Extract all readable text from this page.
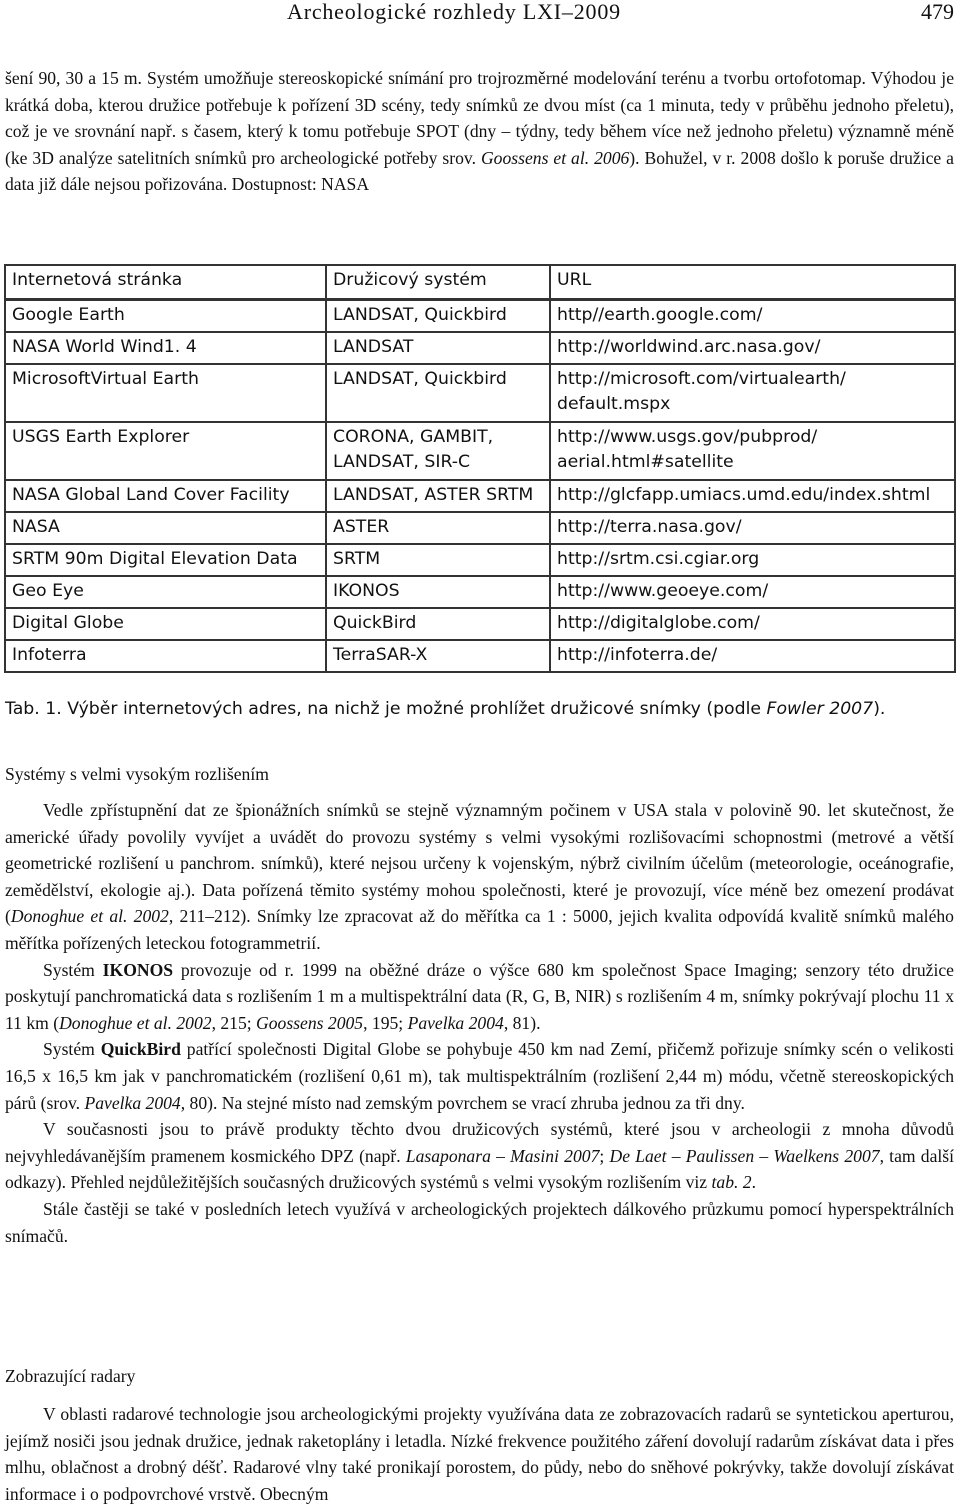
Archeologické rozhledy LXI–2009	479

šení 90, 30 a 15 m. Systém umožňuje stereoskopické snímání pro trojrozměrné modelování terénu a tvorbu ortofotomap. Výhodou je krátká doba, kterou družice potřebuje k pořízení 3D scény, tedy snímků ze dvou míst (ca 1 minuta, tedy v průběhu jednoho přeletu), což je ve srovnání např. s časem, který k tomu potřebuje SPOT (dny – týdny, tedy během více než jednoho přeletu) významně méně (ke 3D analýze satelitních snímků pro archeologické potřeby srov. Goossens et al. 2006). Bohužel, v r. 2008 došlo k poruše družice a data již dále nejsou pořizována. Dostupnost: NASA

Internetová stránka	Družicový systém	URL
Google Earth	LANDSAT, Quickbird	http//earth.google.com/
NASA World Wind1. 4	LANDSAT	http://worldwind.arc.nasa.gov/
MicrosoftVirtual Earth	LANDSAT, Quickbird	http://microsoft.com/virtualearth/ default.mspx
USGS Earth Explorer	CORONA, GAMBIT, LANDSAT, SIR-C	http://www.usgs.gov/pubprod/ aerial.html#satellite
NASA Global Land Cover Facility	LANDSAT, ASTER SRTM	http://glcfapp.umiacs.umd.edu/index.shtml
NASA	ASTER	http://terra.nasa.gov/
SRTM 90m Digital Elevation Data	SRTM	http://srtm.csi.cgiar.org
Geo Eye	IKONOS	http://www.geoeye.com/
Digital Globe	QuickBird	http://digitalglobe.com/
Infoterra	TerraSAR-X	http://infoterra.de/
Tab. 1. Výběr internetových adres, na nichž je možné prohlížet družicové snímky (podle Fowler 2007).
Systémy s velmi vysokým rozlišením

Vedle zpřístupnění dat ze špionážních snímků se stejně významným počinem v USA stala v polovině 90. let skutečnost, že americké úřady povolily vyvíjet a uvádět do provozu systémy s velmi vysokými rozlišovacími schopnostmi (metrové a větší geometrické rozlišení u panchrom. snímků), které nejsou určeny k vojenským, nýbrž civilním účelům (meteorologie, oceánografie, zemědělství, ekologie aj.). Data pořízená těmito systémy mohou společnosti, které je provozují, více méně bez omezení prodávat (Donoghue et al. 2002, 211–212). Snímky lze zpracovat až do měřítka ca 1 : 5000, jejich kvalita odpovídá kvalitě snímků malého měřítka pořízených leteckou fotogrammetrií.

Systém IKONOS provozuje od r. 1999 na oběžné dráze o výšce 680 km společnost Space Imaging; senzory této družice poskytují panchromatická data s rozlišením 1 m a multispektrální data (R, G, B, NIR) s rozlišením 4 m, snímky pokrývají plochu 11 x 11 km (Donoghue et al. 2002, 215; Goossens 2005, 195; Pavelka 2004, 81).

Systém QuickBird patřící společnosti Digital Globe se pohybuje 450 km nad Zemí, přičemž pořizuje snímky scén o velikosti 16,5 x 16,5 km jak v panchromatickém (rozlišení 0,61 m), tak multispektrálním (rozlišení 2,44 m) módu, včetně stereoskopických párů (srov. Pavelka 2004, 80). Na stejné místo nad zemským povrchem se vrací zhruba jednou za tři dny.

V současnosti jsou to právě produkty těchto dvou družicových systémů, které jsou v archeologii z mnoha důvodů nejvyhledávanějším pramenem kosmického DPZ (např. Lasaponara – Masini 2007; De Laet – Paulissen – Waelkens 2007, tam další odkazy). Přehled nejdůležitějších současných družicových systémů s velmi vysokým rozlišením viz tab. 2.

Stále častěji se také v posledních letech využívá v archeologických projektech dálkového průzkumu pomocí hyperspektrálních snímačů.

Zobrazující radary

V oblasti radarové technologie jsou archeologickými projekty využívána data ze zobrazovacích radarů se syntetickou aperturou, jejímž nosiči jsou jednak družice, jednak raketoplány i letadla. Nízké frekvence použitého záření dovolují radarům získávat data i přes mlhu, oblačnost a drobný déšť. Radarové vlny také pronikají porostem, do půdy, nebo do sněhové pokrývky, takže dovolují získávat informace i o podpovrchové vrstvě. Obecným
